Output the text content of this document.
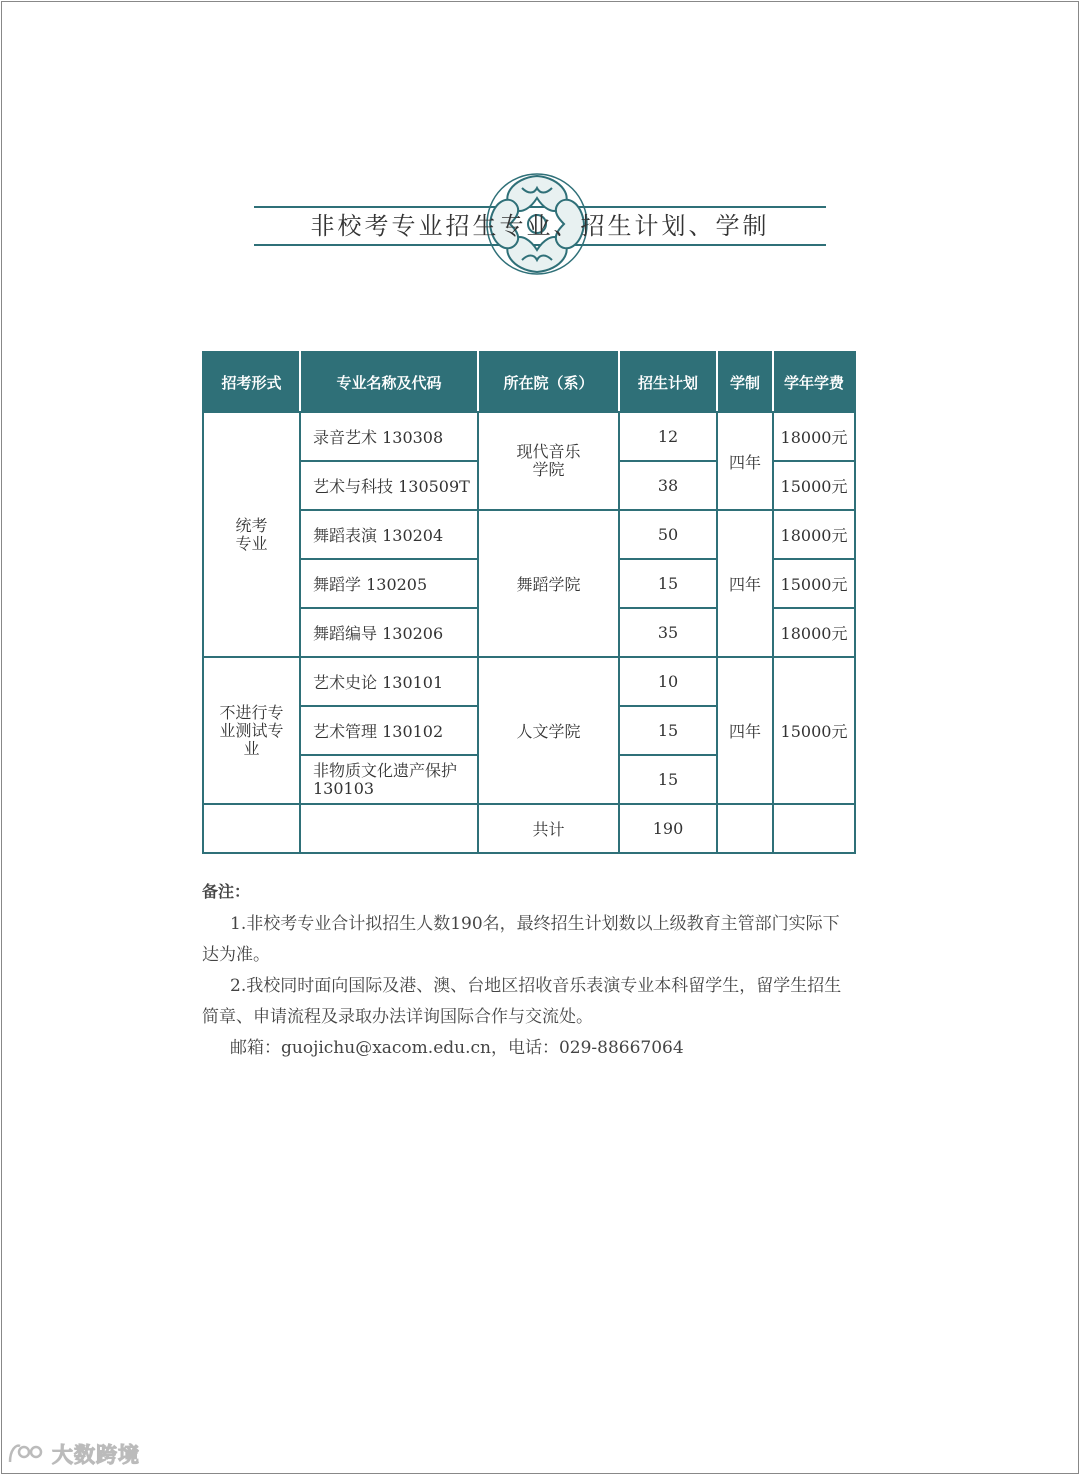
非校考专业招生专业、招生计划、学制
招考形式	专业名称及代码	所在院（系）	招生计划	学制	学年学费

统考专业	录音艺术 130308	现代音乐学院	12	四年	18000元
	艺术与科技 130509T		38		15000元
	舞蹈表演 130204	舞蹈学院	50	四年	18000元
	舞蹈学 130205		15		15000元
	舞蹈编导 130206		35		18000元

不进行专业测试专业	艺术史论 130101	人文学院	10	四年	15000元
	艺术管理 130102		15		

	非物质文化遗产保护 130103		15		
		共计	190		
备注：

1.非校考专业合计拟招生人数190名，最终招生计划数以上级教育主管部门实际下达为准。

2.我校同时面向国际及港、澳、台地区招收音乐表演专业本科留学生，留学生招生简章、申请流程及录取办法详询国际合作与交流处。

邮箱：guojichu@xacom.edu.cn，电话：029-88667064

大数跨境
